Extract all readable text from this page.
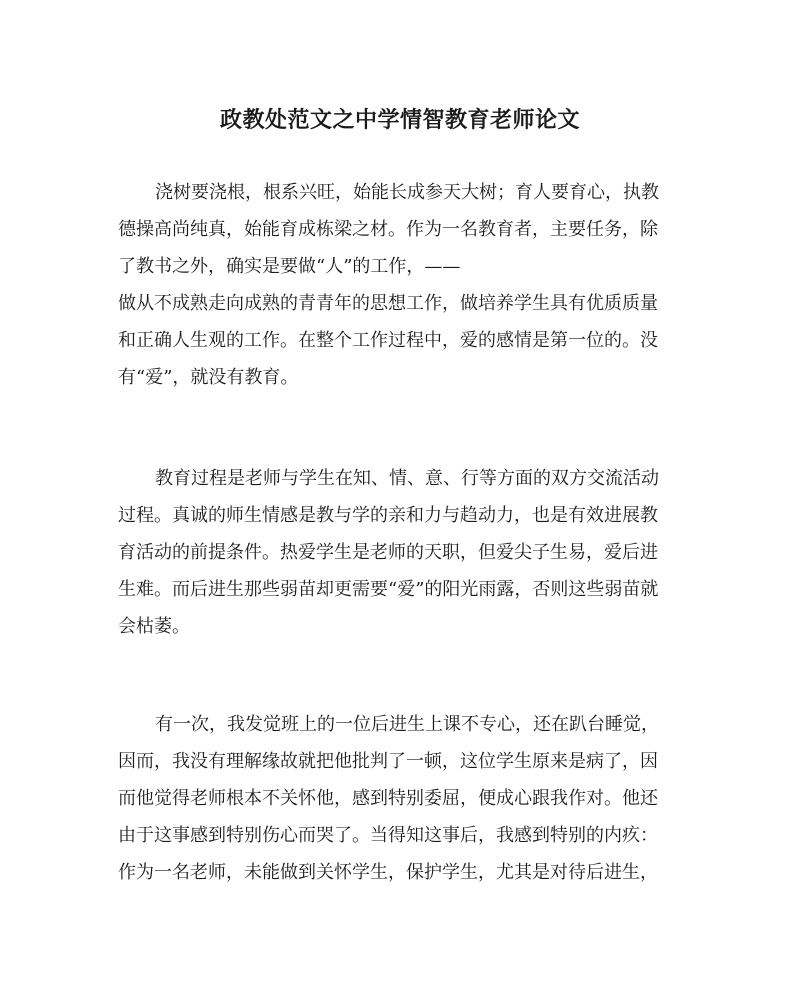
政教处范文之中学情智教育老师论文
浇树要浇根，根系兴旺，始能长成参天大树；育人要育心，执教
德操高尚纯真，始能育成栋梁之材。作为一名教育者，主要任务，除
了教书之外，确实是要做“人”的工作，——
做从不成熟走向成熟的青青年的思想工作，做培养学生具有优质质量
和正确人生观的工作。在整个工作过程中，爱的感情是第一位的。没
有“爱”，就没有教育。
教育过程是老师与学生在知、情、意、行等方面的双方交流活动
过程。真诚的师生情感是教与学的亲和力与趋动力，也是有效进展教
育活动的前提条件。热爱学生是老师的天职，但爱尖子生易，爱后进
生难。而后进生那些弱苗却更需要“爱”的阳光雨露，否则这些弱苗就
会枯萎。
有一次，我发觉班上的一位后进生上课不专心，还在趴台睡觉，
因而，我没有理解缘故就把他批判了一顿，这位学生原来是病了，因
而他觉得老师根本不关怀他，感到特别委屈，便成心跟我作对。他还
由于这事感到特别伤心而哭了。当得知这事后，我感到特别的内疚：
作为一名老师，未能做到关怀学生，保护学生，尤其是对待后进生，
